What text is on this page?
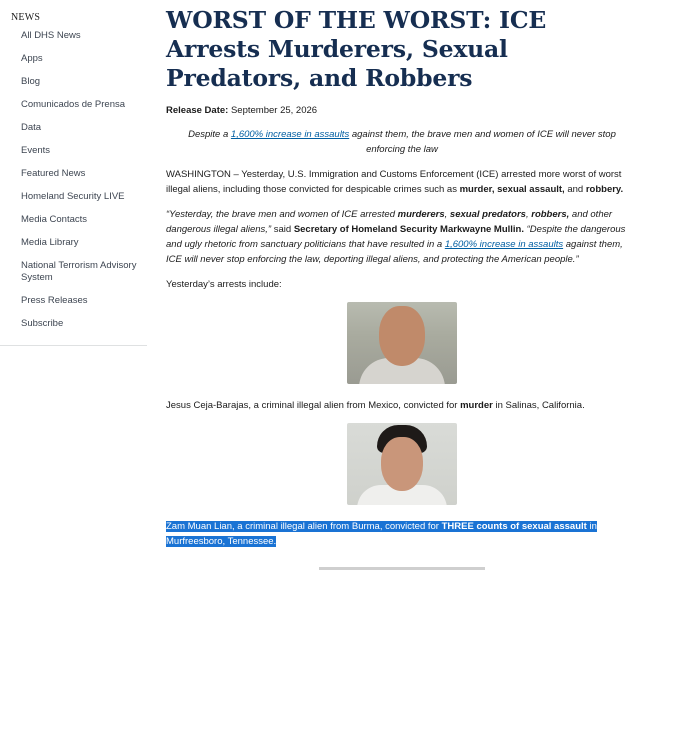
NEWS
All DHS News
Apps
Blog
Comunicados de Prensa
Data
Events
Featured News
Homeland Security LIVE
Media Contacts
Media Library
National Terrorism Advisory System
Press Releases
Subscribe
WORST OF THE WORST: ICE Arrests Murderers, Sexual Predators, and Robbers
Release Date: September 25, 2026

Despite a 1,600% increase in assaults against them, the brave men and women of ICE will never stop enforcing the law

WASHINGTON – Yesterday, U.S. Immigration and Customs Enforcement (ICE) arrested more worst of worst illegal aliens, including those convicted for despicable crimes such as murder, sexual assault, and robbery.

“Yesterday, the brave men and women of ICE arrested murderers, sexual predators, robbers, and other dangerous illegal aliens,” said Secretary of Homeland Security Markwayne Mullin. “Despite the dangerous and ugly rhetoric from sanctuary politicians that have resulted in a 1,600% increase in assaults against them, ICE will never stop enforcing the law, deporting illegal aliens, and protecting the American people.”

Yesterday’s arrests include:

Jesus Ceja-Barajas, a criminal illegal alien from Mexico, convicted for murder in Salinas, California.

Zam Muan Lian, a criminal illegal alien from Burma, convicted for THREE counts of sexual assault in Murfreesboro, Tennessee.
